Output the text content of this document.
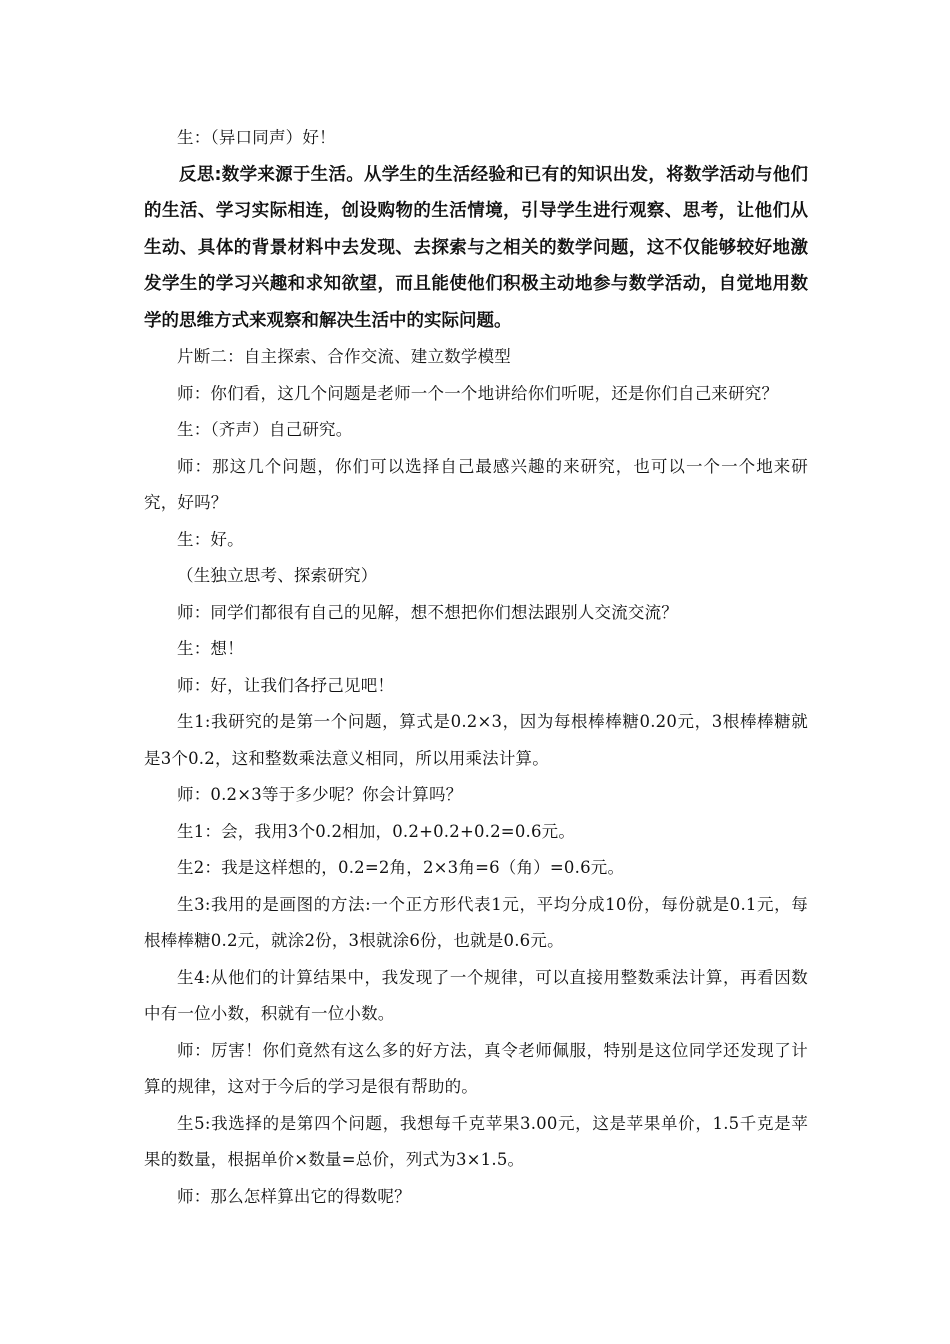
生：（异口同声）好！

反思:数学来源于生活。从学生的生活经验和已有的知识出发，将数学活动与他们的生活、学习实际相连，创设购物的生活情境，引导学生进行观察、思考，让他们从生动、具体的背景材料中去发现、去探索与之相关的数学问题，这不仅能够较好地激发学生的学习兴趣和求知欲望，而且能使他们积极主动地参与数学活动，自觉地用数学的思维方式来观察和解决生活中的实际问题。

片断二：自主探索、合作交流、建立数学模型

师：你们看，这几个问题是老师一个一个地讲给你们听呢，还是你们自己来研究？

生：（齐声）自己研究。

师：那这几个问题，你们可以选择自己最感兴趣的来研究，也可以一个一个地来研究，好吗？

生：好。

（生独立思考、探索研究）

师：同学们都很有自己的见解，想不想把你们想法跟别人交流交流？

生：想！

师：好，让我们各抒己见吧！

生1:我研究的是第一个问题，算式是0.2×3，因为每根棒棒糖0.20元，3根棒棒糖就是3个0.2，这和整数乘法意义相同，所以用乘法计算。

师：0.2×3等于多少呢？你会计算吗？

生1：会，我用3个0.2相加，0.2+0.2+0.2=0.6元。

生2：我是这样想的，0.2=2角，2×3角=6（角）=0.6元。

生3:我用的是画图的方法:一个正方形代表1元，平均分成10份，每份就是0.1元，每根棒棒糖0.2元，就涂2份，3根就涂6份，也就是0.6元。

生4:从他们的计算结果中，我发现了一个规律，可以直接用整数乘法计算，再看因数中有一位小数，积就有一位小数。

师：厉害！你们竟然有这么多的好方法，真令老师佩服，特别是这位同学还发现了计算的规律，这对于今后的学习是很有帮助的。

生5:我选择的是第四个问题，我想每千克苹果3.00元，这是苹果单价，1.5千克是苹果的数量，根据单价×数量=总价，列式为3×1.5。

师：那么怎样算出它的得数呢？
